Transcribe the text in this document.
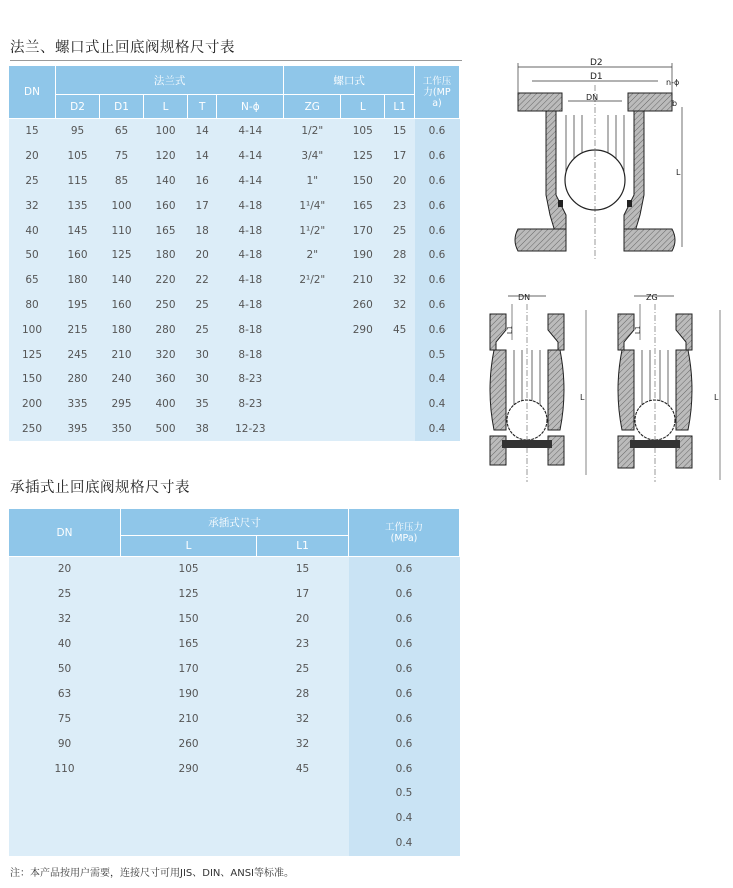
法兰、螺口式止回底阀规格尺寸表
DN	法兰式					螺口式			工作压力(MPa)
	D2	D1	L	T	N-ϕ	ZG	L	L1	
15	95	65	100	14	4-14	1/2"	105	15	0.6
20	105	75	120	14	4-14	3/4"	125	17	0.6
25	115	85	140	16	4-14	1"	150	20	0.6
32	135	100	160	17	4-18	1¹/4"	165	23	0.6
40	145	110	165	18	4-18	1¹/2"	170	25	0.6
50	160	125	180	20	4-18	2"	190	28	0.6
65	180	140	220	22	4-18	2¹/2"	210	32	0.6
80	195	160	250	25	4-18		260	32	0.6
100	215	180	280	25	8-18		290	45	0.6
125	245	210	320	30	8-18				0.5
150	280	240	360	30	8-23				0.4
200	335	295	400	35	8-23				0.4
250	395	350	500	38	12-23				0.4
承插式止回底阀规格尺寸表
DN	承插式尺寸		工作压力(MPa)
	L	L1	
20	105	15	0.6
25	125	17	0.6
32	150	20	0.6
40	165	23	0.6
50	170	25	0.6
63	190	28	0.6
75	210	32	0.6
90	260	32	0.6
110	290	45	0.6
			0.5
			0.4
			0.4
D2
D1
DN
n-ϕ
b
L
DN
L1
L
ZG
L1
L
注：本产品按用户需要，连接尺寸可用JIS、DIN、ANSI等标准。
